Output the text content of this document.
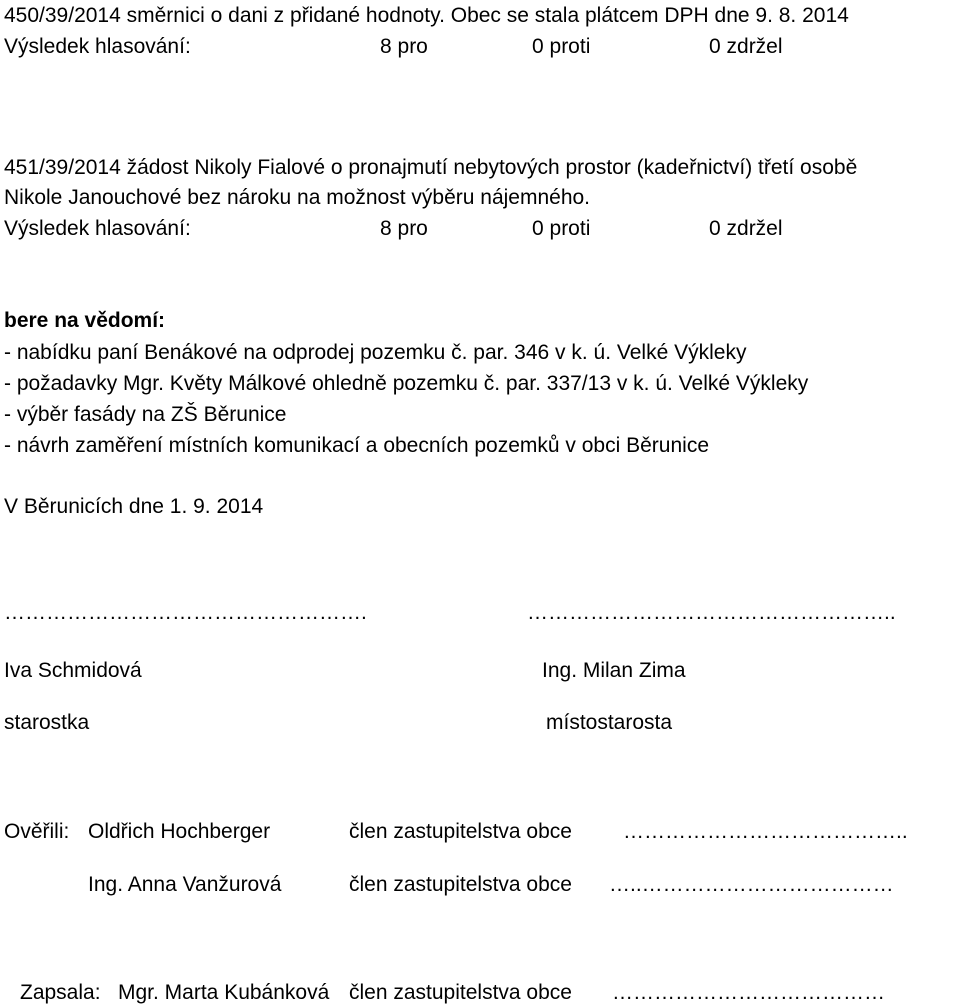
450/39/2014 směrnici o dani z přidané hodnoty. Obec se stala plátcem DPH dne 9. 8. 2014
Výsledek hlasování:	8 pro	0 proti	0 zdržel
451/39/2014 žádost Nikoly Fialové o pronajmutí nebytových prostor (kadeřnictví) třetí osobě
Nikole Janouchové bez nároku na možnost výběru nájemného.
Výsledek hlasování:	8 pro	0 proti	0 zdržel
bere na vědomí:
- nabídku paní Benákové na odprodej pozemku č. par. 346 v k. ú. Velké Výkleky
- požadavky Mgr. Květy Málkové ohledně pozemku č. par. 337/13 v k. ú. Velké Výkleky
- výběr fasády na ZŠ Běrunice
- návrh zaměření místních komunikací a obecních pozemků v obci Běrunice
V Běrunicích dne 1. 9. 2014
…………………………………………….	……………………………………………..
Iva Schmidová	Ing. Milan Zima
starostka	místostarosta
Ověřili: Oldřich Hochberger	člen zastupitelstva obce …………………………………..
Ing. Anna Vanžurová	člen zastupitelstva obce …..………………………………
Zapsala: Mgr. Marta Kubánková člen zastupitelstva obce …………………………………
